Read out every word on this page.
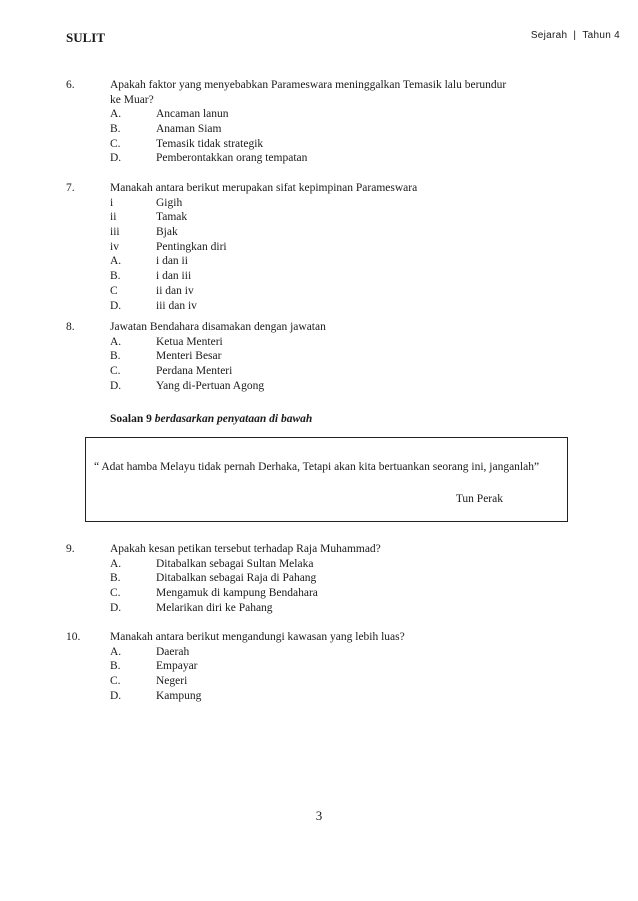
SULIT	Sejarah | Tahun 4
6.	Apakah faktor yang menyebabkan Parameswara meninggalkan Temasik lalu berundur
ke Muar?
A.	Ancaman lanun
B.	Anaman Siam
C.	Temasik tidak strategik
D.	Pemberontakkan orang tempatan
7.	Manakah antara berikut merupakan sifat kepimpinan Parameswara
i	Gigih
ii	Tamak
iii	Bjak
iv	Pentingkan diri
A.	i dan ii
B.	i dan iii
C	ii dan iv
D.	iii dan iv
8.	Jawatan Bendahara disamakan dengan jawatan
A.	Ketua Menteri
B.	Menteri Besar
C.	Perdana Menteri
D.	Yang di-Pertuan Agong
Soalan 9 berdasarkan penyataan di bawah
“ Adat hamba Melayu tidak pernah Derhaka, Tetapi akan kita bertuankan seorang ini, janganlah”
Tun Perak
9.	Apakah kesan petikan tersebut terhadap Raja Muhammad?
A.	Ditabalkan sebagai Sultan Melaka
B.	Ditabalkan sebagai Raja di Pahang
C.	Mengamuk di kampung Bendahara
D.	Melarikan diri ke Pahang
10.	Manakah antara berikut mengandungi kawasan yang lebih luas?
A.	Daerah
B.	Empayar
C.	Negeri
D.	Kampung
3
